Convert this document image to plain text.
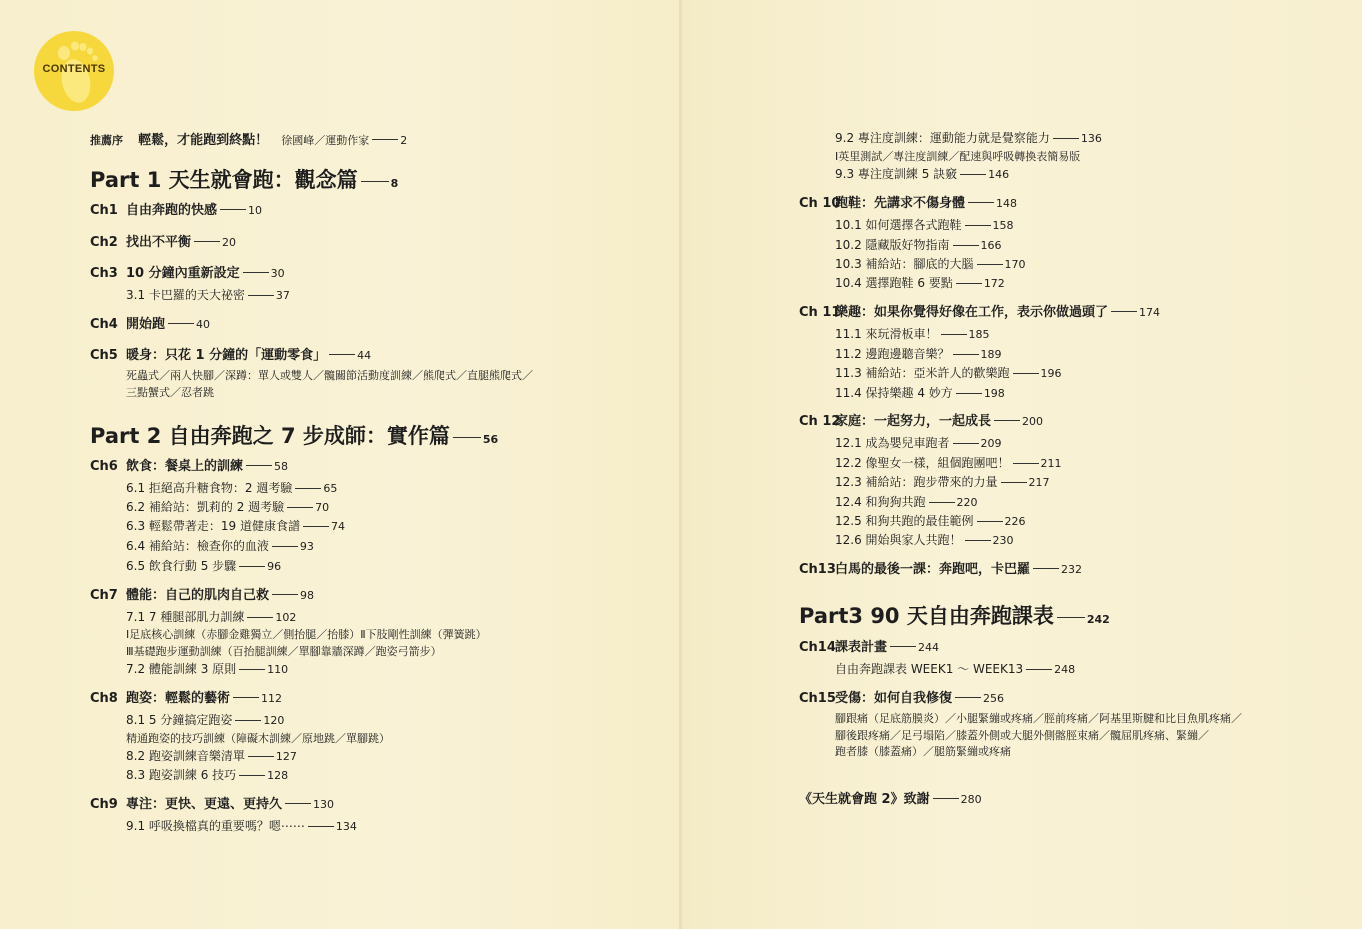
CONTENTS
推薦序 輕鬆，才能跑到終點！ 徐國峰／運動作家	2
Part 1 天生就會跑：觀念篇	8
Ch1 自由奔跑的快感	10
Ch2 找出不平衡	20
Ch3 10 分鐘內重新設定	30
3.1 卡巴羅的天大祕密	37
Ch4 開始跑	40
Ch5 暖身：只花 1 分鐘的「運動零食」	44
死蟲式／兩人快腳／深蹲：單人或雙人／髖關節活動度訓練／熊爬式／直腿熊爬式／
三點蟹式／忍者跳
Part 2 自由奔跑之 7 步成師：實作篇	56
Ch6 飲食：餐桌上的訓練	58
6.1 拒絕高升糖食物：2 週考驗	65
6.2 補給站：凱莉的 2 週考驗	70
6.3 輕鬆帶著走：19 道健康食譜	74
6.4 補給站：檢查你的血液	93
6.5 飲食行動 5 步驟	96
Ch7 體能：自己的肌肉自己救	98
7.1 7 種腿部肌力訓練	102
Ⅰ足底核心訓練（赤腳金雞獨立／側抬腿／抬膝）Ⅱ下肢剛性訓練（彈簧跳）
Ⅲ基礎跑步運動訓練（百抬腿訓練／單腳靠牆深蹲／跑姿弓箭步）
7.2 體能訓練 3 原則	110
Ch8 跑姿：輕鬆的藝術	112
8.1 5 分鐘搞定跑姿	120
精通跑姿的技巧訓練（障礙木訓練／原地跳／單腳跳）
8.2 跑姿訓練音樂清單	127
8.3 跑姿訓練 6 技巧	128
Ch9 專注：更快、更遠、更持久	130
9.1 呼吸換檔真的重要嗎？嗯⋯⋯	134
9.2 專注度訓練：運動能力就是覺察能力	136
Ⅰ英里測試／專注度訓練／配速與呼吸轉換表簡易版
9.3 專注度訓練 5 訣竅	146
Ch 10跑鞋：先講求不傷身體	148
10.1 如何選擇各式跑鞋	158
10.2 隱藏版好物指南	166
10.3 補給站：腳底的大腦	170
10.4 選擇跑鞋 6 要點	172
Ch 11樂趣：如果你覺得好像在工作，表示你做過頭了	174
11.1 來玩滑板車！	185
11.2 邊跑邊聽音樂？	189
11.3 補給站：亞米許人的歡樂跑	196
11.4 保持樂趣 4 妙方	198
Ch 12家庭：一起努力，一起成長	200
12.1 成為嬰兒車跑者	209
12.2 像聖女一樣，組個跑團吧！	211
12.3 補給站：跑步帶來的力量	217
12.4 和狗狗共跑	220
12.5 和狗共跑的最佳範例	226
12.6 開始與家人共跑！	230
Ch13白馬的最後一課：奔跑吧，卡巴羅	232
Part3 90 天自由奔跑課表	242
Ch14課表計畫	244
自由奔跑課表 WEEK1 ～ WEEK13	248
Ch15受傷：如何自我修復	256
腳跟痛（足底筋膜炎）／小腿緊繃或疼痛／脛前疼痛／阿基里斯腱和比目魚肌疼痛／
腳後跟疼痛／足弓塌陷／膝蓋外側或大腿外側髂脛束痛／髖屈肌疼痛、緊繃／
跑者膝（膝蓋痛）／腿筋緊繃或疼痛
《天生就會跑 2》致謝	280
